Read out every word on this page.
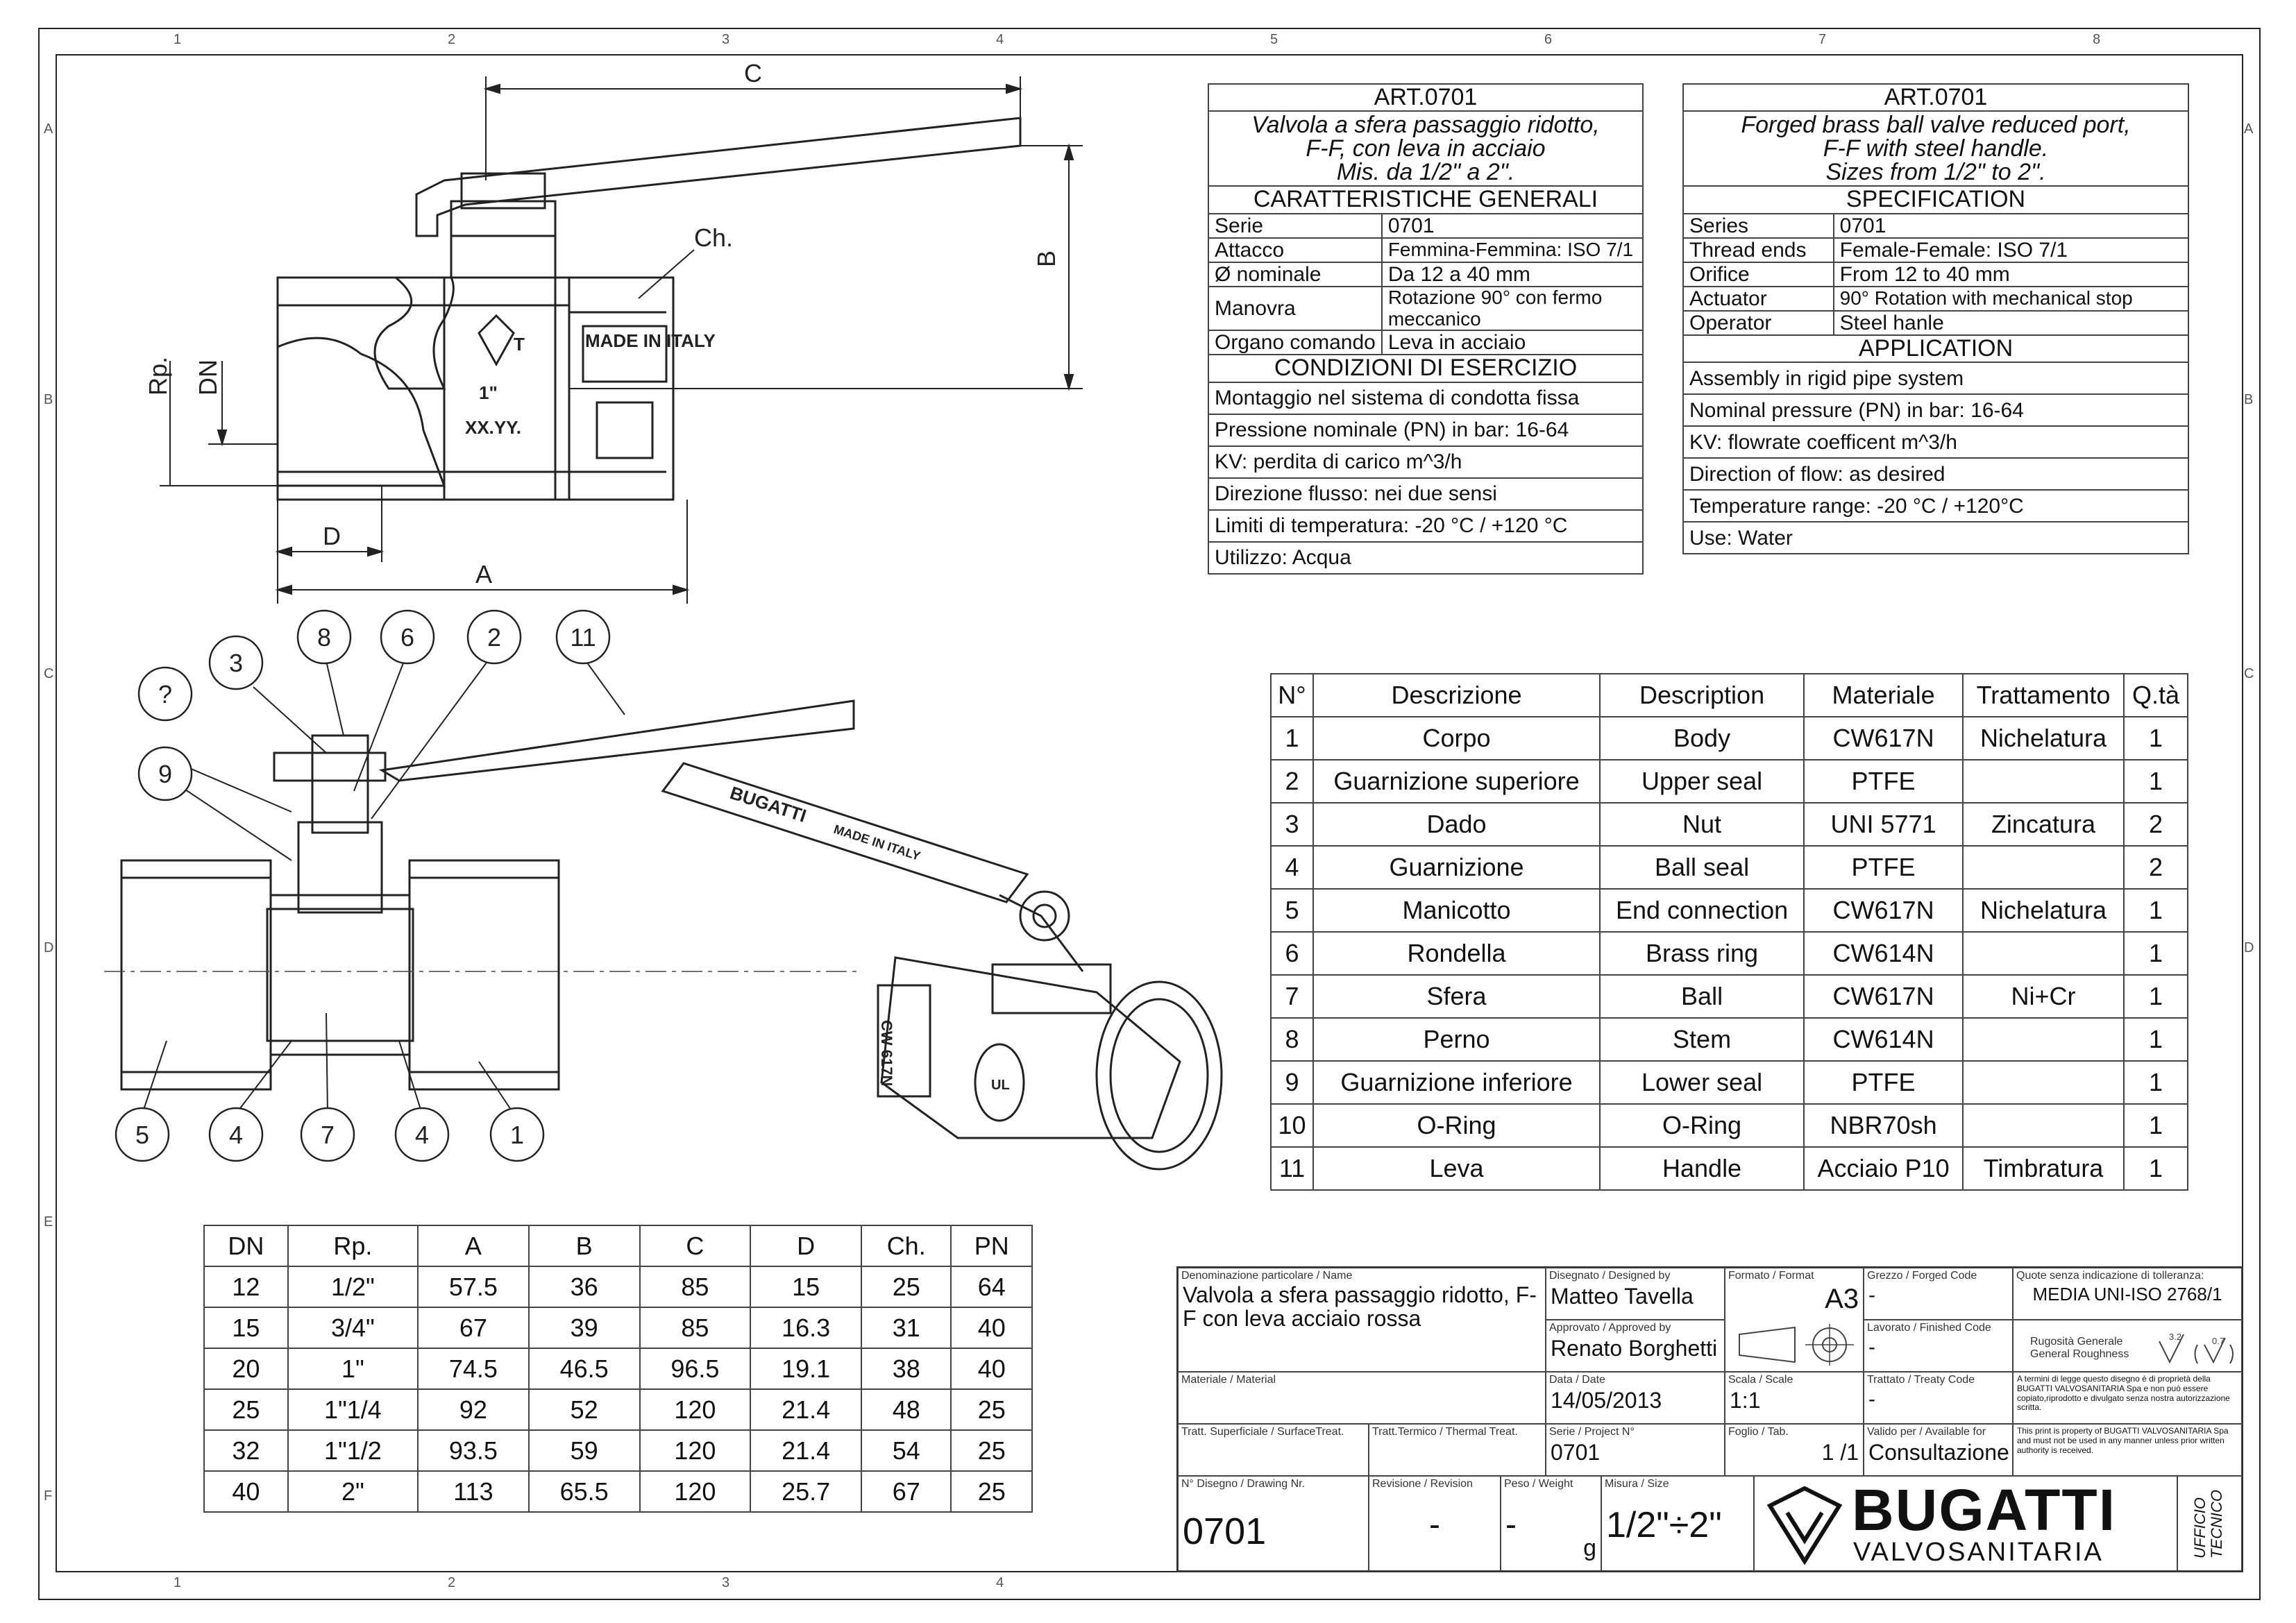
1	2	3	4	5	6	7	8
1	2	3	4
A
B
C
D
E
F
A
B
C
D
C
Ch.
B
Rp. DN
D
A
MADE IN ITALY
T
1"
XX.YY.
3
8	6	2	11
?
9
5	4	7	4	1
BUGATTI
MADE IN ITALY
CW 617N	UL
ART.0701	

Valvola a sfera passaggio ridotto,
F-F, con leva in acciaio
Mis. da 1/2" a 2".	

CARATTERISTICHE GENERALI	
Serie	0701
Attacco	Femmina-Femmina: ISO 7/1
Ø nominale	Da 12 a 40 mm
Manovra	Rotazione 90° con fermo meccanico
Organo comando	Leva in acciaio
CONDIZIONI DI ESERCIZIO	
Montaggio nel sistema di condotta fissa	
Pressione nominale (PN) in bar: 16-64	
KV: perdita di carico m^3/h	
Direzione flusso: nei due sensi	
Limiti di temperatura: -20 °C / +120 °C	
Utilizzo: Acqua	
ART.0701	

Forged brass ball valve reduced port,
F-F with steel handle.
Sizes from 1/2" to 2".	

SPECIFICATION	
Series	0701
Thread ends	Female-Female: ISO 7/1
Orifice	From 12 to 40 mm
Actuator	90° Rotation with mechanical stop
Operator	Steel hanle
APPLICATION	
Assembly in rigid pipe system	
Nominal pressure (PN) in bar: 16-64	
KV: flowrate coefficent m^3/h	
Direction of flow: as desired	
Temperature range: -20 °C / +120°C	
Use: Water	
N°	Descrizione	Description	Materiale	Trattamento	Q.tà
1	Corpo	Body	CW617N	Nichelatura	1
2	Guarnizione superiore	Upper seal	PTFE		1
3	Dado	Nut	UNI 5771	Zincatura	2
4	Guarnizione	Ball seal	PTFE		2
5	Manicotto	End connection	CW617N	Nichelatura	1
6	Rondella	Brass ring	CW614N		1
7	Sfera	Ball	CW617N	Ni+Cr	1
8	Perno	Stem	CW614N		1
9	Guarnizione inferiore	Lower seal	PTFE		1
10	O-Ring	O-Ring	NBR70sh		1
11	Leva	Handle	Acciaio P10	Timbratura	1
DN	Rp.	A	B	C	D	Ch.	PN
12	1/2"	57.5	36	85	15	25	64
15	3/4"	67	39	85	16.3	31	40
20	1"	74.5	46.5	96.5	19.1	38	40
25	1"1/4	92	52	120	21.4	48	25
32	1"1/2	93.5	59	120	21.4	54	25
40	2"	113	65.5	120	25.7	67	25
Denominazione particolare / Name
Valvola a sfera passaggio ridotto, F-F con leva acciaio rossa
Disegnato / Designed by
Matteo Tavella
Approvato / Approved by
Renato Borghetti
Formato / Format
A3
Grezzo / Forged Code
-
Lavorato / Finished Code
-
Quote senza indicazione di tolleranza:
MEDIA UNI-ISO 2768/1
Rugosità Generale
General Roughness
3.2	0.7
Materiale / Material	Data / Date
14/05/2013
Scala / Scale
1:1
Trattato / Treaty Code
-
A termini di legge questo disegno è di proprietà della BUGATTI VALVOSANITARIA Spa e non può essere copiato,riprodotto e divulgato senza nostra autorizzazione scritta.
Tratt. Superficiale / SurfaceTreat.	Tratt.Termico / Thermal Treat.	Serie / Project N°
0701
Foglio / Tab.
1 /1
Valido per / Available for
Consultazione
This print is property of BUGATTI VALVOSANITARIA Spa and must not be used in any manner unless prior written authority is received.
N° Disegno / Drawing Nr.
0701
Revisione / Revision
-
Peso / Weight
-
g
Misura / Size
1/2"÷2"	BUGATTI
VALVOSANITARIA	UFFICIO TECNICO
